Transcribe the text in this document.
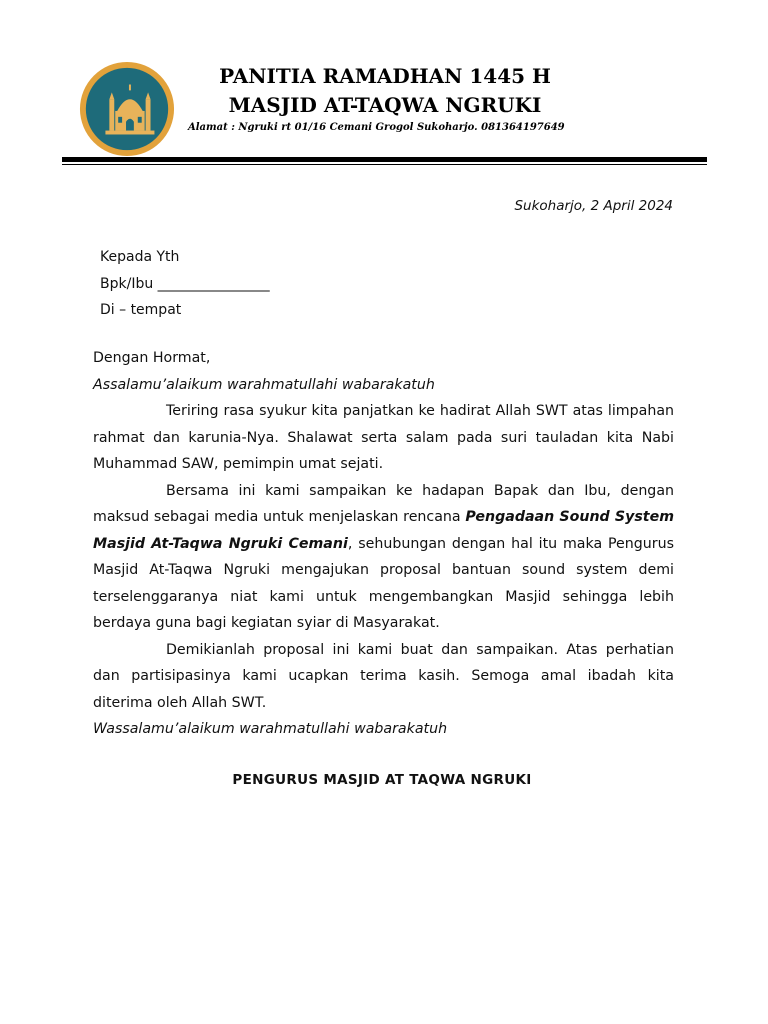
PANITIA RAMADHAN 1445 H
MASJID AT-TAQWA NGRUKI
Alamat : Ngruki rt 01/16 Cemani Grogol Sukoharjo. 081364197649
Sukoharjo, 2 April 2024
Kepada Yth
Bpk/Ibu ________________
Di – tempat

Dengan Hormat,

Assalamu’alaikum warahmatullahi wabarakatuh

Teriring rasa syukur kita panjatkan ke hadirat Allah SWT atas limpahan rahmat dan karunia-Nya. Shalawat serta salam pada suri tauladan kita Nabi Muhammad SAW, pemimpin umat sejati.

Bersama ini kami sampaikan ke hadapan Bapak dan Ibu, dengan maksud sebagai media untuk menjelaskan rencana Pengadaan Sound System Masjid At-Taqwa Ngruki Cemani, sehubungan dengan hal itu maka Pengurus Masjid At-Taqwa Ngruki mengajukan proposal bantuan sound system demi terselenggaranya niat kami untuk mengembangkan Masjid sehingga lebih berdaya guna bagi kegiatan syiar di Masyarakat.

Demikianlah proposal ini kami buat dan sampaikan. Atas perhatian dan partisipasinya kami ucapkan terima kasih. Semoga amal ibadah kita diterima oleh Allah SWT.

Wassalamu’alaikum warahmatullahi wabarakatuh

PENGURUS MASJID AT TAQWA NGRUKI
